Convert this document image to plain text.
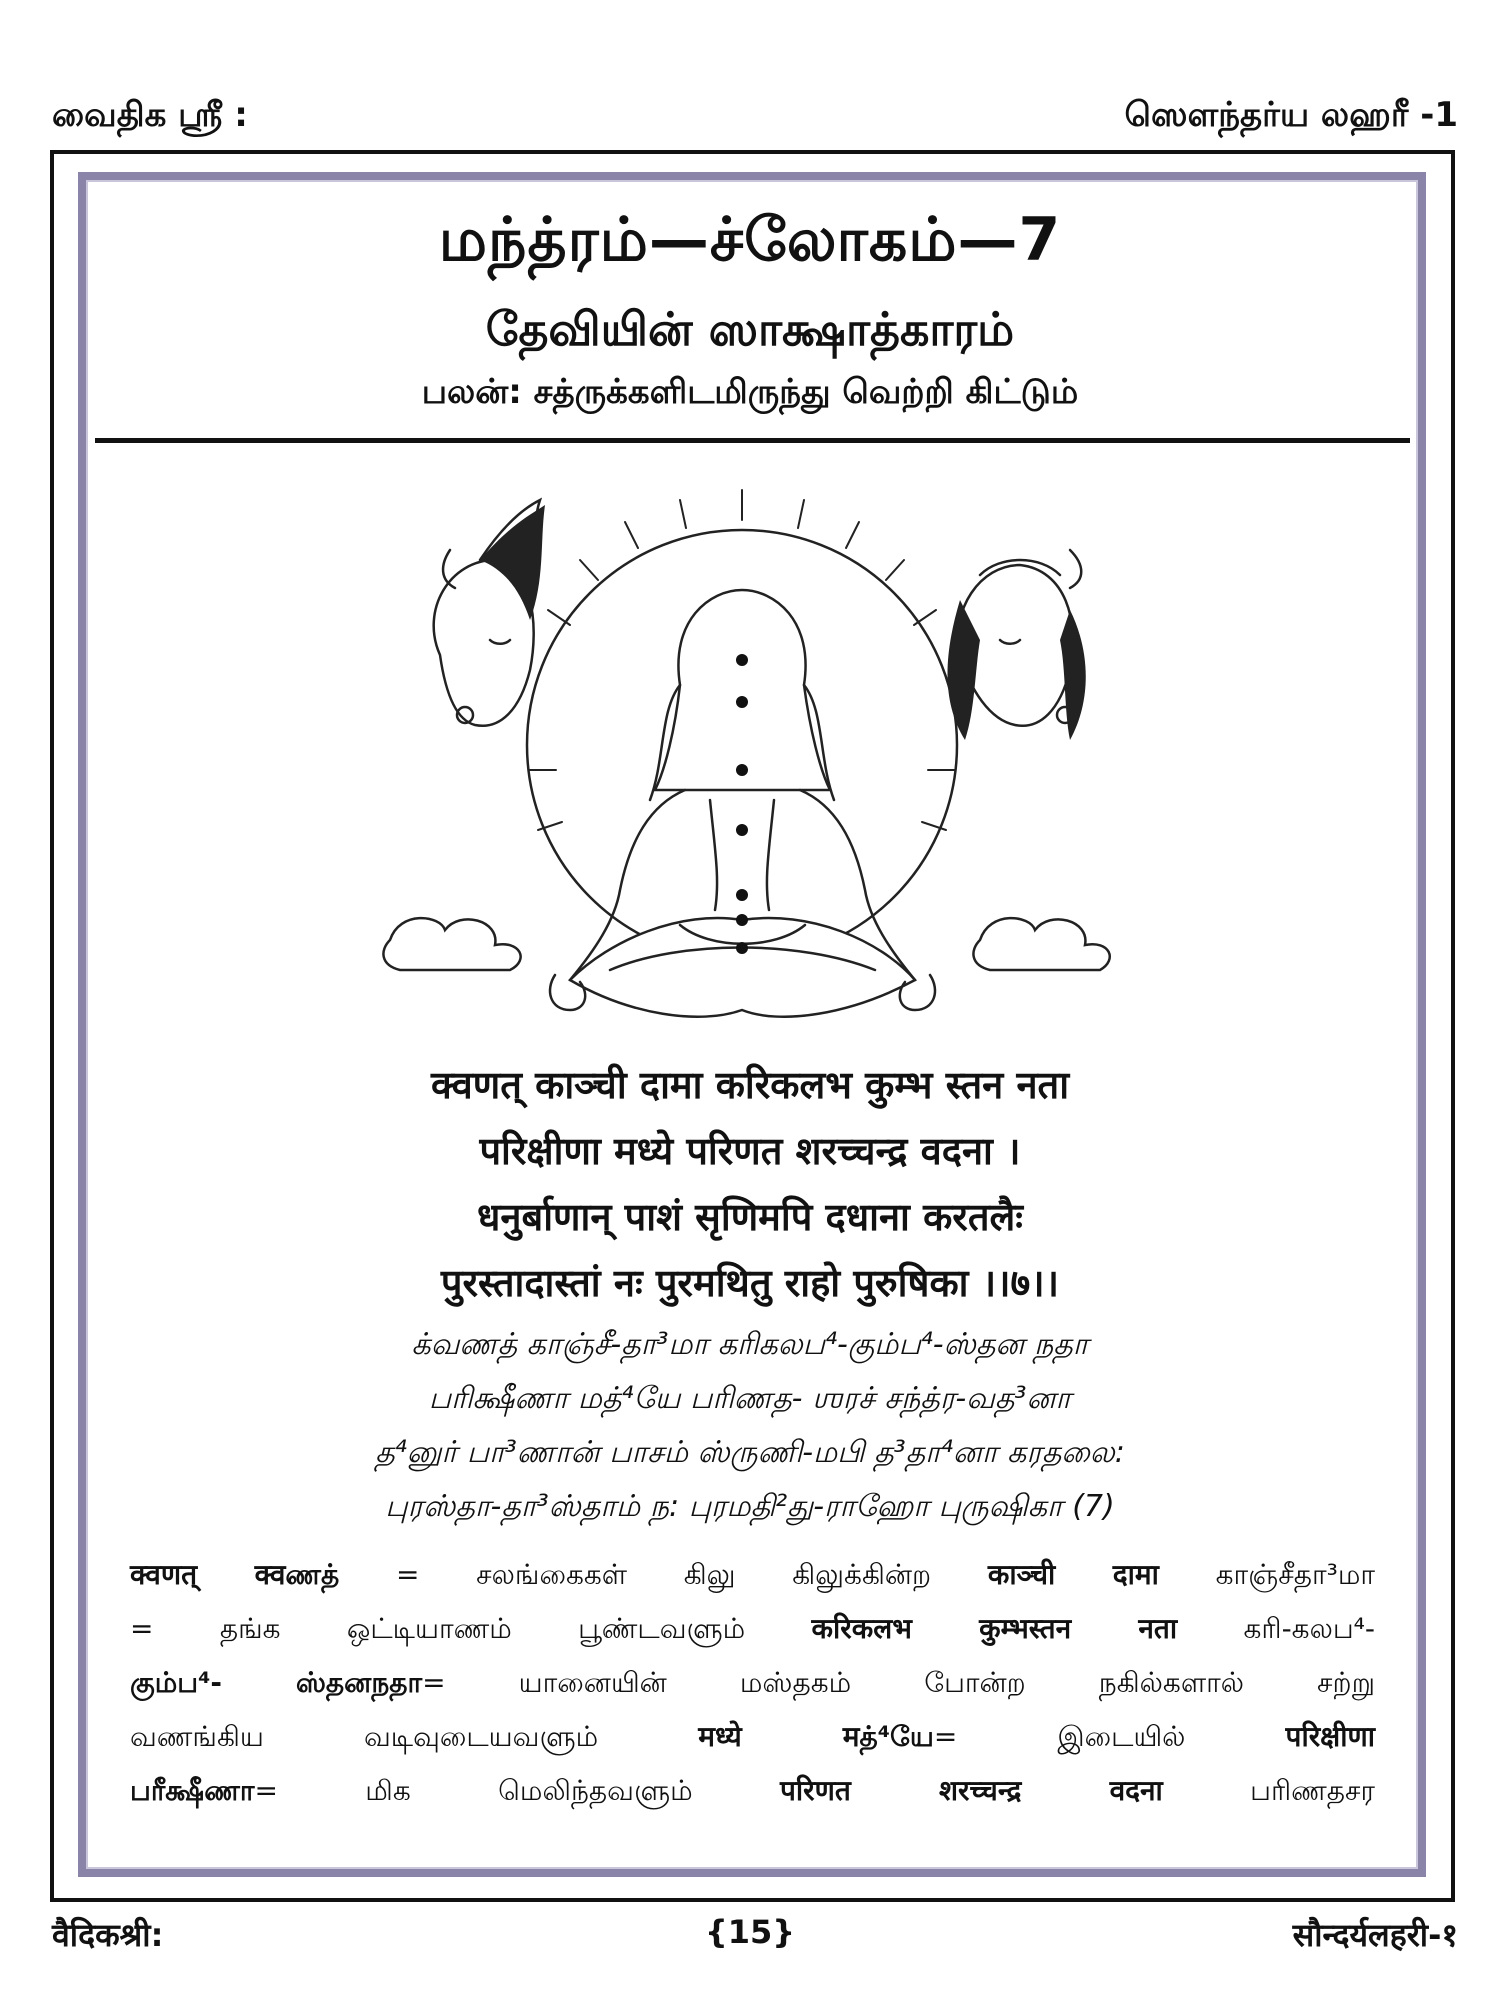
வைதிக ஸ்ரீ :	ஸௌந்தர்ய லஹரீ -1
மந்த்ரம்—ச்லோகம்—7
தேவியின் ஸாக்ஷாத்காரம்
பலன்: சத்ருக்களிடமிருந்து வெற்றி கிட்டும்
क्वणत् काञ्ची दामा करिकलभ कुम्भ स्तन नता
परिक्षीणा मध्ये परिणत शरच्चन्द्र वदना ।
धनुर्बाणान् पाशं सृणिमपि दधाना करतलैः
पुरस्तादास्तां नः पुरमथितु राहो पुरुषिका ।।७।।
க்வணத் காஞ்சீ-தா³மா கரிகலப⁴-கும்ப⁴-ஸ்தன நதா
பரிக்ஷீணா மத்⁴யே பரிணத- ஶரச் சந்த்ர-வத³னா
த⁴னுர் பா³ணான் பாசம் ஸ்ருணி-மபி த³தா⁴னா கரதலை:
புரஸ்தா-தா³ஸ்தாம் ந: புரமதி²து-ராஹோ புருஷிகா (7)
क्वणत् क्वணத் = சலங்கைகள் கிலு கிலுக்கின்ற काञ्ची दामा காஞ்சீதா³மா
= தங்க ஒட்டியாணம் பூண்டவளும் करिकलभ कुम्भस्तन नता கரி-கலப⁴-
கும்ப⁴- ஸ்தனநதா= யானையின் மஸ்தகம் போன்ற நகில்களால் சற்று
வணங்கிய வடிவுடையவளும் मध्ये मத்⁴யே= இடையில் परिक्षीणा
பரீக்ஷீணா= மிக மெலிந்தவளும் परिणत शरच्चन्द्र वदना பரிணதசர
वैदिकश्री:	{15}	सौन्दर्यलहरी-१
